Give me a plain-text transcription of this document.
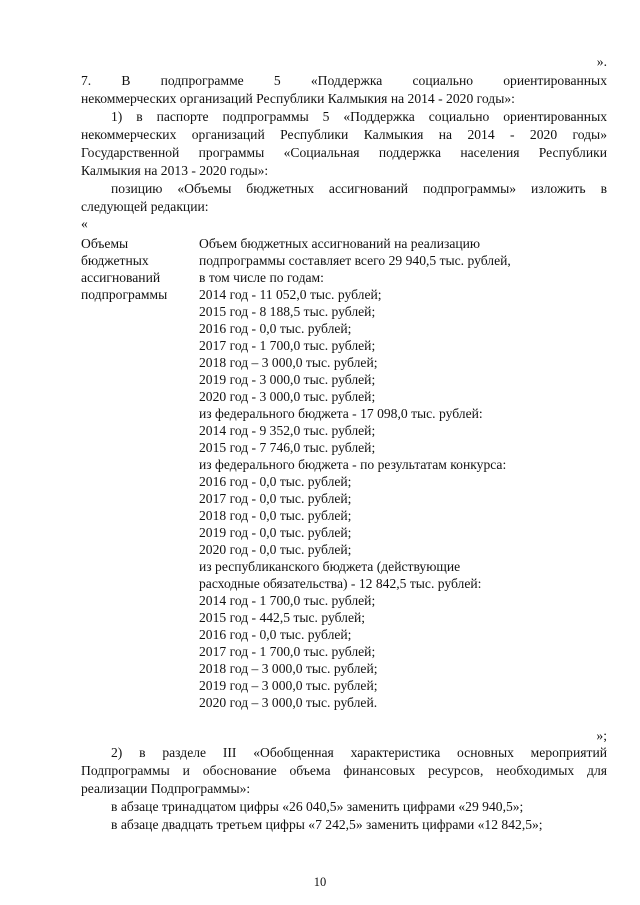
».
7. В подпрограмме 5 «Поддержка социально ориентированных
некоммерческих организаций Республики Калмыкия на 2014 - 2020 годы»:
1) в паспорте подпрограммы 5 «Поддержка социально ориентированных
некоммерческих организаций Республики Калмыкия на 2014 - 2020 годы»
Государственной программы «Социальная поддержка населения Республики
Калмыкия на 2013 - 2020 годы»:
позицию «Объемы бюджетных ассигнований подпрограммы» изложить в
следующей редакции:
«
Объемы
бюджетных
ассигнований
подпрограммы
Объем бюджетных ассигнований на реализацию
подпрограммы составляет всего 29 940,5 тыс. рублей,
в том числе по годам:
2014 год - 11 052,0 тыс. рублей;
2015 год - 8 188,5 тыс. рублей;
2016 год - 0,0 тыс. рублей;
2017 год - 1 700,0 тыс. рублей;
2018 год – 3 000,0 тыс. рублей;
2019 год - 3 000,0 тыс. рублей;
2020 год - 3 000,0 тыс. рублей;
из федерального бюджета - 17 098,0 тыс. рублей:
2014 год - 9 352,0 тыс. рублей;
2015 год - 7 746,0 тыс. рублей;
из федерального бюджета - по результатам конкурса:
2016 год - 0,0 тыс. рублей;
2017 год - 0,0 тыс. рублей;
2018 год - 0,0 тыс. рублей;
2019 год - 0,0 тыс. рублей;
2020 год - 0,0 тыс. рублей;
из республиканского бюджета (действующие
расходные обязательства) - 12 842,5 тыс. рублей:
2014 год - 1 700,0 тыс. рублей;
2015 год - 442,5 тыс. рублей;
2016 год - 0,0 тыс. рублей;
2017 год - 1 700,0 тыс. рублей;
2018 год – 3 000,0 тыс. рублей;
2019 год – 3 000,0 тыс. рублей;
2020 год – 3 000,0 тыс. рублей.
»;
2) в разделе III «Обобщенная характеристика основных мероприятий
Подпрограммы и обоснование объема финансовых ресурсов, необходимых для
реализации Подпрограммы»:
в абзаце тринадцатом цифры «26 040,5» заменить цифрами «29 940,5»;
в абзаце двадцать третьем цифры «7 242,5» заменить цифрами «12 842,5»;
10
